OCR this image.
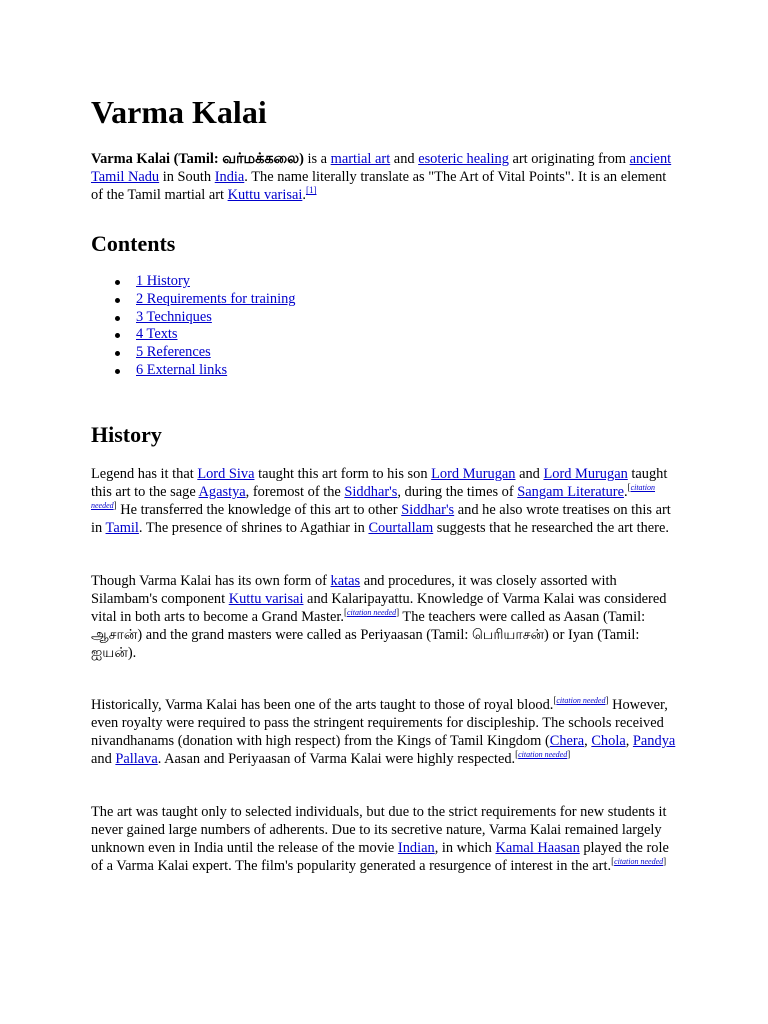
Varma Kalai

Varma Kalai (Tamil: வர்மக்கலை) is a martial art and esoteric healing art originating from ancient Tamil Nadu in South India. The name literally translate as "The Art of Vital Points". It is an element of the Tamil martial art Kuttu varisai.[1]

Contents
1 History
2 Requirements for training
3 Techniques
4 Texts
5 References
6 External links
History

Legend has it that Lord Siva taught this art form to his son Lord Murugan and Lord Murugan taught this art to the sage Agastya, foremost of the Siddhar's, during the times of Sangam Literature.[citation needed] He transferred the knowledge of this art to other Siddhar's and he also wrote treatises on this art in Tamil. The presence of shrines to Agathiar in Courtallam suggests that he researched the art there.

Though Varma Kalai has its own form of katas and procedures, it was closely assorted with Silambam's component Kuttu varisai and Kalaripayattu. Knowledge of Varma Kalai was considered vital in both arts to become a Grand Master.[citation needed] The teachers were called as Aasan (Tamil: ஆசான்) and the grand masters were called as Periyaasan (Tamil: பெரியாசன்) or Iyan (Tamil: ஐயன்).

Historically, Varma Kalai has been one of the arts taught to those of royal blood.[citation needed] However, even royalty were required to pass the stringent requirements for discipleship. The schools received nivandhanams (donation with high respect) from the Kings of Tamil Kingdom (Chera, Chola, Pandya and Pallava. Aasan and Periyaasan of Varma Kalai were highly respected.[citation needed]

The art was taught only to selected individuals, but due to the strict requirements for new students it never gained large numbers of adherents. Due to its secretive nature, Varma Kalai remained largely unknown even in India until the release of the movie Indian, in which Kamal Haasan played the role of a Varma Kalai expert. The film's popularity generated a resurgence of interest in the art.[citation needed]
